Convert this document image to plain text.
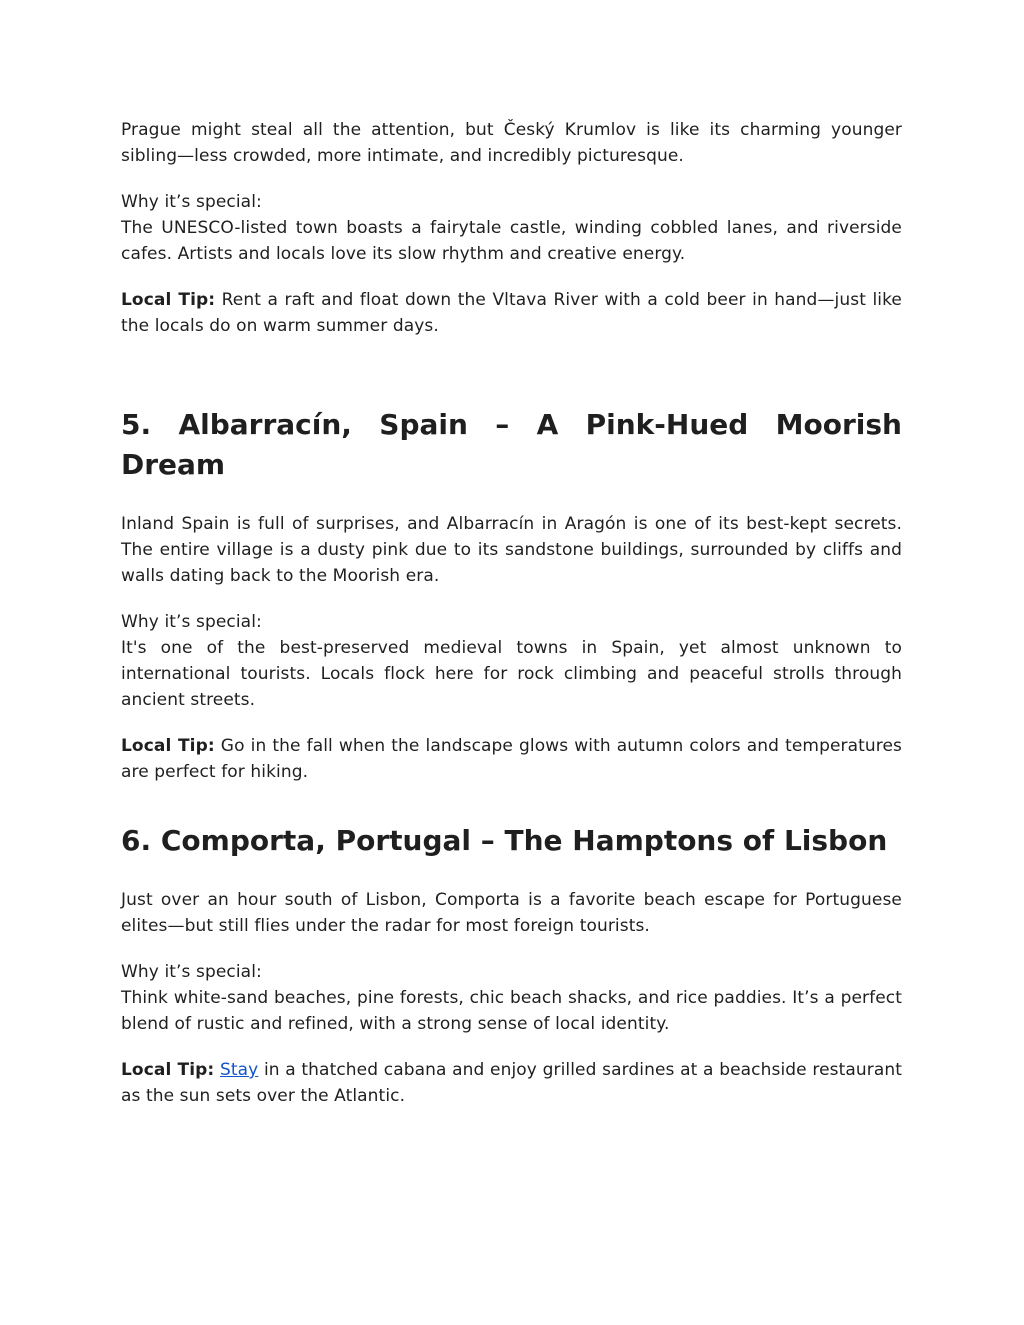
Prague might steal all the attention, but Český Krumlov is like its charming younger sibling—less crowded, more intimate, and incredibly picturesque.

Why it’s special:
The UNESCO-listed town boasts a fairytale castle, winding cobbled lanes, and riverside cafes. Artists and locals love its slow rhythm and creative energy.

Local Tip: Rent a raft and float down the Vltava River with a cold beer in hand—just like the locals do on warm summer days.

5. Albarracín, Spain – A Pink-Hued Moorish Dream

Inland Spain is full of surprises, and Albarracín in Aragón is one of its best-kept secrets. The entire village is a dusty pink due to its sandstone buildings, surrounded by cliffs and walls dating back to the Moorish era.

Why it’s special:
It's one of the best-preserved medieval towns in Spain, yet almost unknown to international tourists. Locals flock here for rock climbing and peaceful strolls through ancient streets.

Local Tip: Go in the fall when the landscape glows with autumn colors and temperatures are perfect for hiking.

6. Comporta, Portugal – The Hamptons of Lisbon

Just over an hour south of Lisbon, Comporta is a favorite beach escape for Portuguese elites—but still flies under the radar for most foreign tourists.

Why it’s special:
Think white-sand beaches, pine forests, chic beach shacks, and rice paddies. It’s a perfect blend of rustic and refined, with a strong sense of local identity.

Local Tip: Stay in a thatched cabana and enjoy grilled sardines at a beachside restaurant as the sun sets over the Atlantic.
